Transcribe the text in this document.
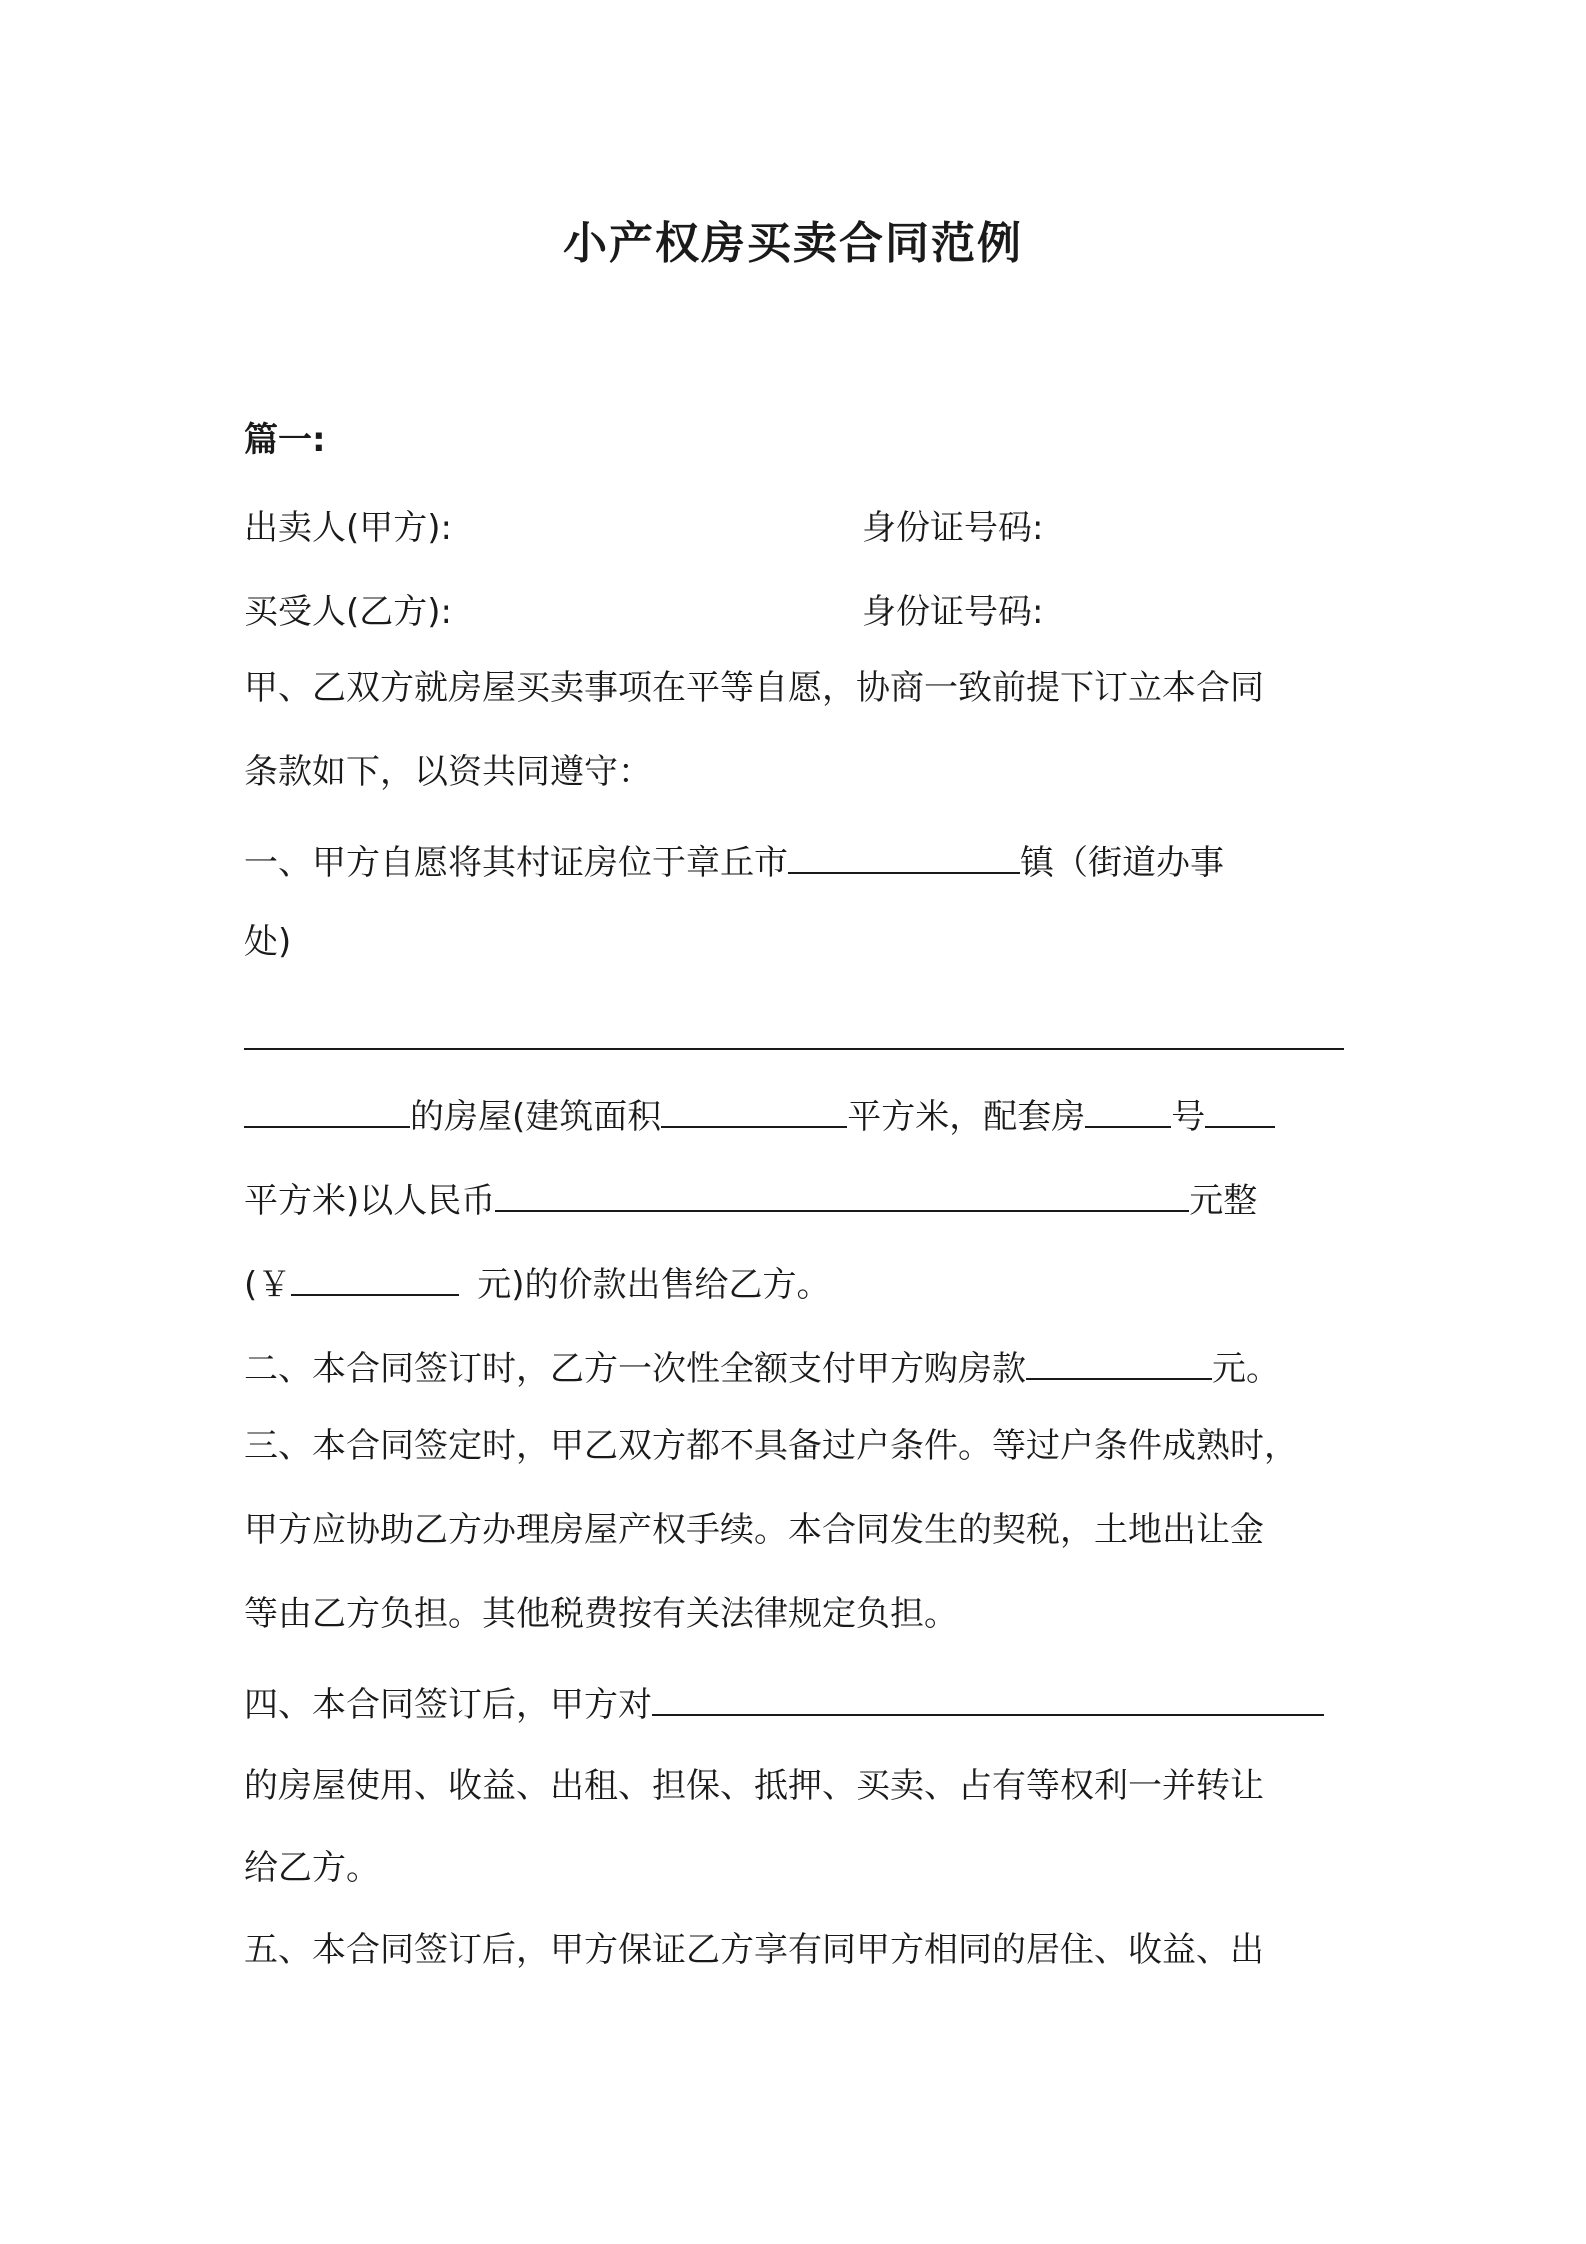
小产权房买卖合同范例
篇一:
出卖人(甲方):	身份证号码:
买受人(乙方):	身份证号码:
甲、乙双方就房屋买卖事项在平等自愿，协商一致前提下订立本合同
条款如下，以资共同遵守：
一、甲方自愿将其村证房位于章丘市	镇（街道办事
处)
的房屋(建筑面积	平方米，配套房	号
平方米)以人民币	元整
(￥	元)的价款出售给乙方。
二、本合同签订时，乙方一次性全额支付甲方购房款	元。
三、本合同签定时，甲乙双方都不具备过户条件。等过户条件成熟时，
甲方应协助乙方办理房屋产权手续。本合同发生的契税，土地出让金
等由乙方负担。其他税费按有关法律规定负担。
四、本合同签订后，甲方对
的房屋使用、收益、出租、担保、抵押、买卖、占有等权利一并转让
给乙方。
五、本合同签订后，甲方保证乙方享有同甲方相同的居住、收益、出
